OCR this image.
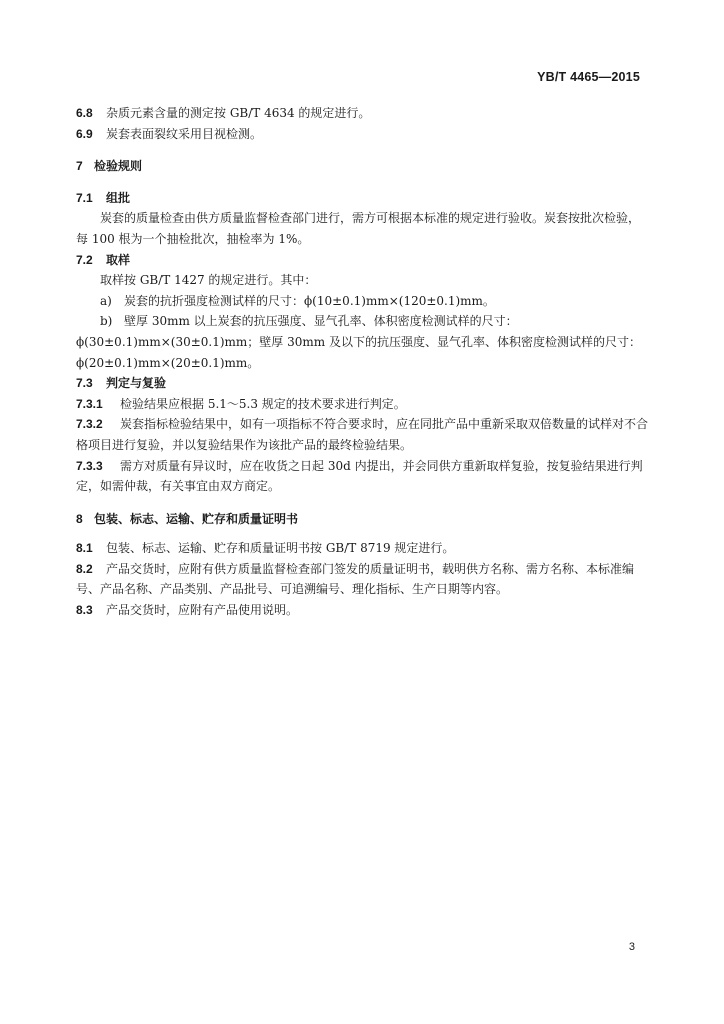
YB/T 4465—2015

6.8 杂质元素含量的测定按 GB/T 4634 的规定进行。

6.9 炭套表面裂纹采用目视检测。

7 检验规则

7.1 组批

炭套的质量检查由供方质量监督检查部门进行，需方可根据本标准的规定进行验收。炭套按批次检验，每 100 根为一个抽检批次，抽检率为 1%。

7.2 取样

取样按 GB/T 1427 的规定进行。其中：

a) 炭套的抗折强度检测试样的尺寸：ϕ(10±0.1)mm×(120±0.1)mm。

b) 壁厚 30mm 以上炭套的抗压强度、显气孔率、体积密度检测试样的尺寸：ϕ(30±0.1)mm×(30±0.1)mm；壁厚 30mm 及以下的抗压强度、显气孔率、体积密度检测试样的尺寸：ϕ(20±0.1)mm×(20±0.1)mm。

7.3 判定与复验

7.3.1 检验结果应根据 5.1～5.3 规定的技术要求进行判定。

7.3.2 炭套指标检验结果中，如有一项指标不符合要求时，应在同批产品中重新采取双倍数量的试样对不合格项目进行复验，并以复验结果作为该批产品的最终检验结果。

7.3.3 需方对质量有异议时，应在收货之日起 30d 内提出，并会同供方重新取样复验，按复验结果进行判定，如需仲裁，有关事宜由双方商定。

8 包装、标志、运输、贮存和质量证明书

8.1 包装、标志、运输、贮存和质量证明书按 GB/T 8719 规定进行。

8.2 产品交货时，应附有供方质量监督检查部门签发的质量证明书，载明供方名称、需方名称、本标准编号、产品名称、产品类别、产品批号、可追溯编号、理化指标、生产日期等内容。

8.3 产品交货时，应附有产品使用说明。

3
